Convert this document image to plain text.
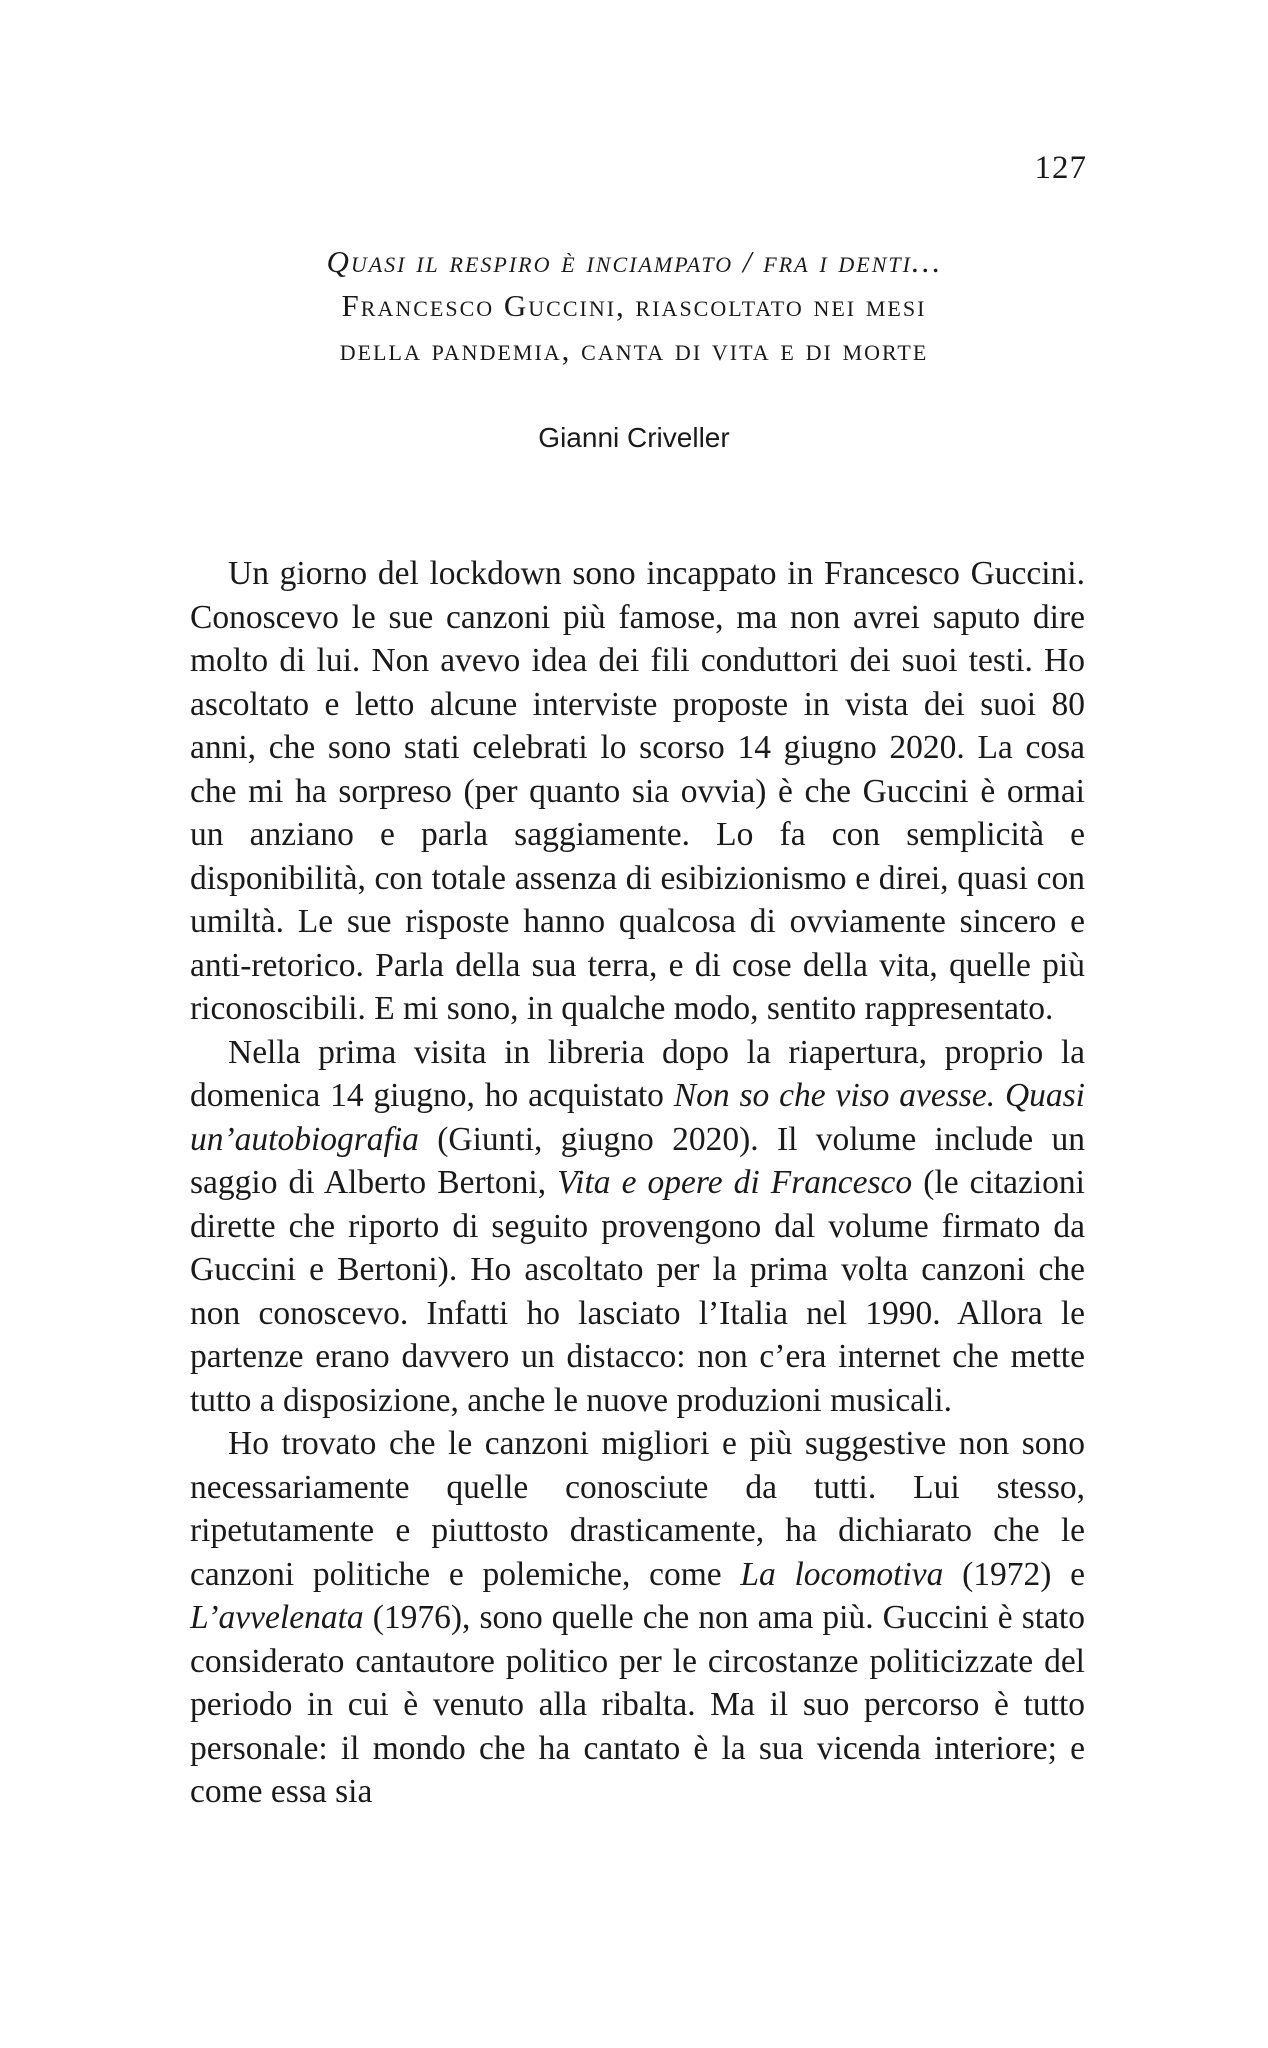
127
Quasi il respiro è inciampato / fra i denti…
Francesco Guccini, riascoltato nei mesi
della pandemia, canta di vita e di morte
Gianni Criveller

Un giorno del lockdown sono incappato in Francesco Guccini. Conoscevo le sue canzoni più famose, ma non avrei saputo dire molto di lui. Non avevo idea dei fili conduttori dei suoi testi. Ho ascoltato e letto alcune interviste proposte in vista dei suoi 80 anni, che sono stati celebrati lo scorso 14 giugno 2020. La cosa che mi ha sorpreso (per quanto sia ovvia) è che Guccini è ormai un anziano e parla saggiamente. Lo fa con semplicità e disponibilità, con totale assenza di esibizionismo e direi, quasi con umiltà. Le sue risposte hanno qualcosa di ovviamente sincero e anti-retorico. Parla della sua terra, e di cose della vita, quelle più riconoscibili. E mi sono, in qualche modo, sentito rappresentato.

Nella prima visita in libreria dopo la riapertura, proprio la domenica 14 giugno, ho acquistato Non so che viso avesse. Quasi un’autobiografia (Giunti, giugno 2020). Il volume include un saggio di Alberto Bertoni, Vita e opere di Francesco (le citazioni dirette che riporto di seguito provengono dal volume firmato da Guccini e Bertoni). Ho ascoltato per la prima volta canzoni che non conoscevo. Infatti ho lasciato l’Italia nel 1990. Allora le partenze erano davvero un distacco: non c’era internet che mette tutto a disposizione, anche le nuove produzioni musicali.

Ho trovato che le canzoni migliori e più suggestive non sono necessariamente quelle conosciute da tutti. Lui stesso, ripetutamente e piuttosto drasticamente, ha dichiarato che le canzoni politiche e polemiche, come La locomotiva (1972) e L’avvelenata (1976), sono quelle che non ama più. Guccini è stato considerato cantautore politico per le circostanze politicizzate del periodo in cui è venuto alla ribalta. Ma il suo percorso è tutto personale: il mondo che ha cantato è la sua vicenda interiore; e come essa sia
